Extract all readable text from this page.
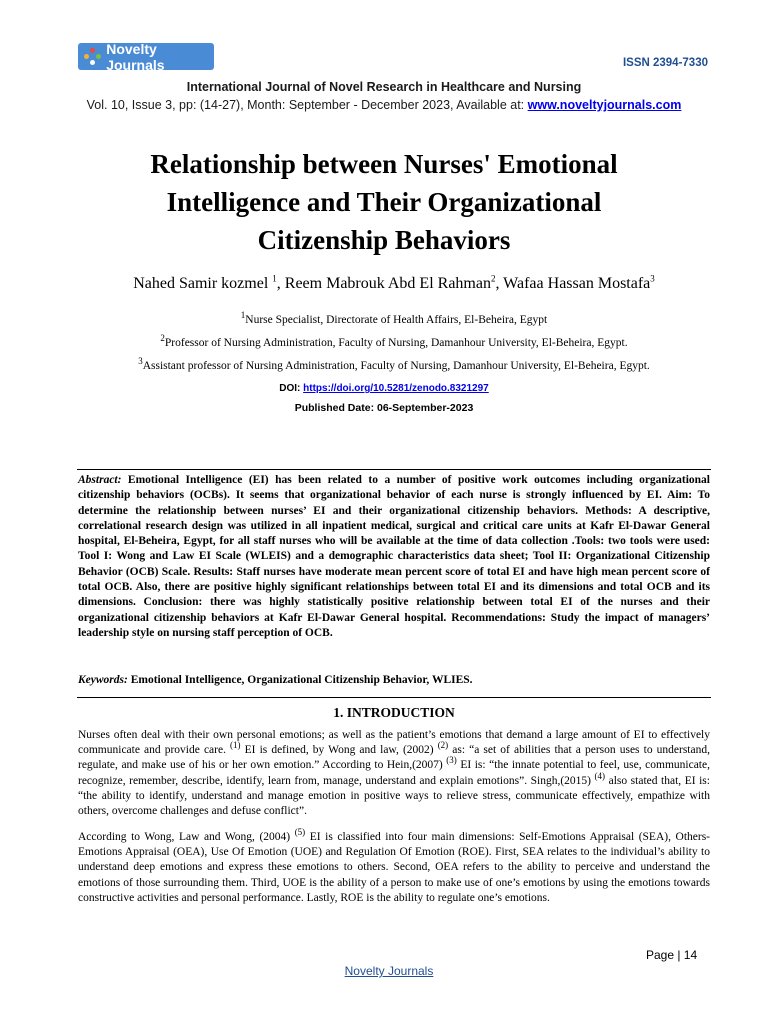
Novelty Journals	ISSN 2394-7330
International Journal of Novel Research in Healthcare and Nursing
Vol. 10, Issue 3, pp: (14-27), Month: September - December 2023, Available at: www.noveltyjournals.com
Relationship between Nurses' Emotional
Intelligence and Their Organizational
Citizenship Behaviors
Nahed Samir kozmel $^1$, Reem Mabrouk Abd El Rahman$^2$, Wafaa Hassan Mostafa$^3$
$^1$Nurse Specialist, Directorate of Health Affairs, El-Beheira, Egypt
$^2$Professor of Nursing Administration, Faculty of Nursing, Damanhour University, El-Beheira, Egypt.
$^3$Assistant professor of Nursing Administration, Faculty of Nursing, Damanhour University, El-Beheira, Egypt.
DOI: https://doi.org/10.5281/zenodo.8321297
Published Date: 06-September-2023
Abstract: Emotional Intelligence (EI) has been related to a number of positive work outcomes including organizational citizenship behaviors (OCBs). It seems that organizational behavior of each nurse is strongly influenced by EI. Aim: To determine the relationship between nurses’ EI and their organizational citizenship behaviors. Methods: A descriptive, correlational research design was utilized in all inpatient medical, surgical and critical care units at Kafr El-Dawar General hospital, El-Beheira, Egypt, for all staff nurses who will be available at the time of data collection .Tools: two tools were used: Tool I: Wong and Law EI Scale (WLEIS) and a demographic characteristics data sheet; Tool II: Organizational Citizenship Behavior (OCB) Scale. Results: Staff nurses have moderate mean percent score of total EI and have high mean percent score of total OCB. Also, there are positive highly significant relationships between total EI and its dimensions and total OCB and its dimensions. Conclusion: there was highly statistically positive relationship between total EI of the nurses and their organizational citizenship behaviors at Kafr El-Dawar General hospital. Recommendations: Study the impact of managers’ leadership style on nursing staff perception of OCB.
Keywords: Emotional Intelligence, Organizational Citizenship Behavior, WLIES.
1. INTRODUCTION

Nurses often deal with their own personal emotions; as well as the patient’s emotions that demand a large amount of EI to effectively communicate and provide care. $^{(1)}$ EI is defined, by Wong and law, (2002) $^{(2)}$ as: “a set of abilities that a person uses to understand, regulate, and make use of his or her own emotion.” According to Hein,(2007) $^{(3)}$ EI is: “the innate potential to feel, use, communicate, recognize, remember, describe, identify, learn from, manage, understand and explain emotions”. Singh,(2015) $^{(4)}$ also stated that, EI is: “the ability to identify, understand and manage emotion in positive ways to relieve stress, communicate effectively, empathize with others, overcome challenges and defuse conflict”.

According to Wong, Law and Wong, (2004) $^{(5)}$ EI is classified into four main dimensions: Self-Emotions Appraisal (SEA), Others-Emotions Appraisal (OEA), Use Of Emotion (UOE) and Regulation Of Emotion (ROE). First, SEA relates to the individual’s ability to understand deep emotions and express these emotions to others. Second, OEA refers to the ability to perceive and understand the emotions of those surrounding them. Third, UOE is the ability of a person to make use of one’s emotions by using the emotions towards constructive activities and personal performance. Lastly, ROE is the ability to regulate one’s emotions.

Page | 14
Novelty Journals
